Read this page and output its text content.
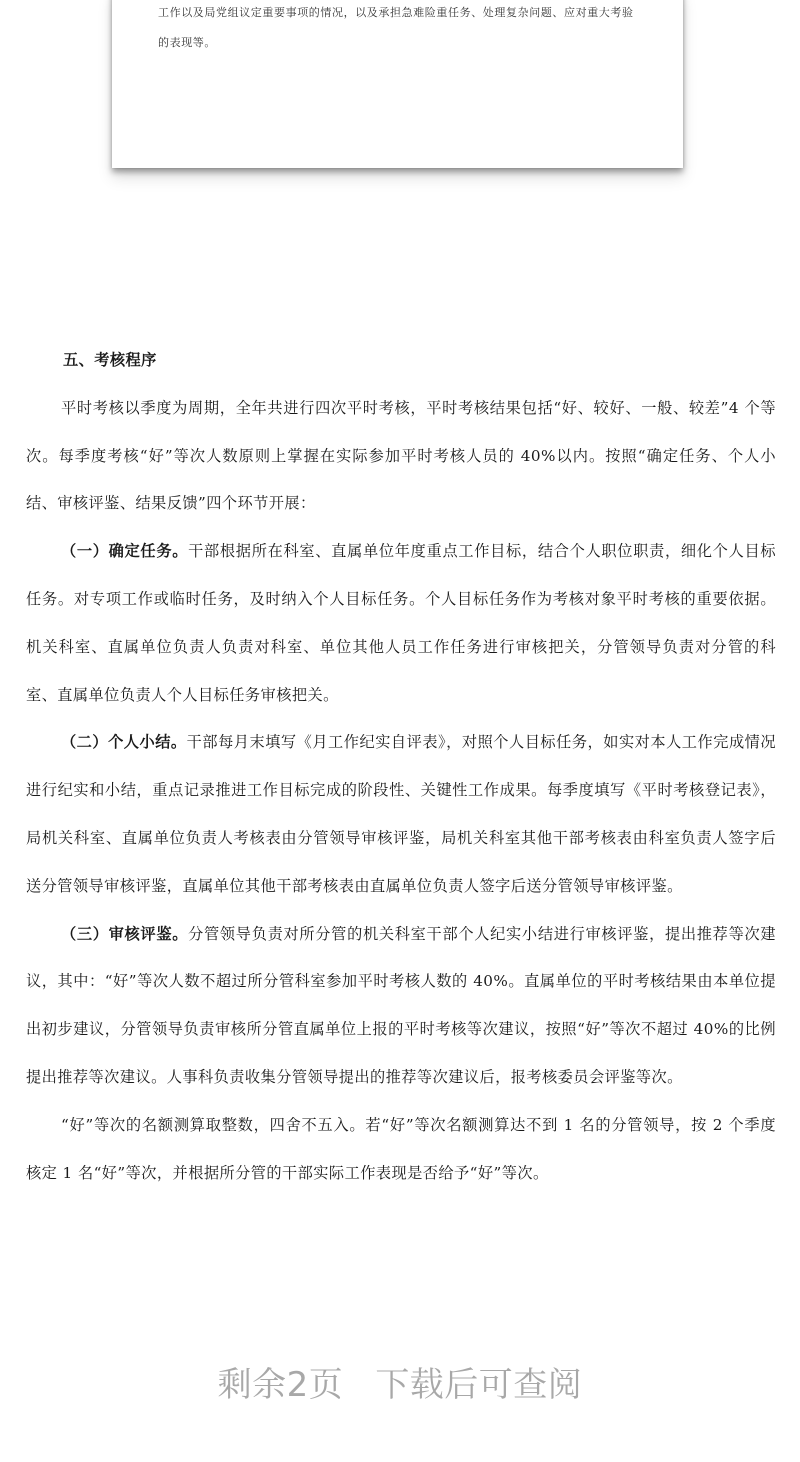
工作以及局党组议定重要事项的情况，以及承担急难险重任务、处理复杂问题、应对重大考验

的表现等。

五、考核程序

平时考核以季度为周期，全年共进行四次平时考核，平时考核结果包括“好、较好、一般、较差”4 个等次。每季度考核“好”等次人数原则上掌握在实际参加平时考核人员的 40%以内。按照“确定任务、个人小结、审核评鉴、结果反馈”四个环节开展：

（一）确定任务。干部根据所在科室、直属单位年度重点工作目标，结合个人职位职责，细化个人目标任务。对专项工作或临时任务，及时纳入个人目标任务。个人目标任务作为考核对象平时考核的重要依据。机关科室、直属单位负责人负责对科室、单位其他人员工作任务进行审核把关，分管领导负责对分管的科室、直属单位负责人个人目标任务审核把关。

（二）个人小结。干部每月末填写《月工作纪实自评表》，对照个人目标任务，如实对本人工作完成情况进行纪实和小结，重点记录推进工作目标完成的阶段性、关键性工作成果。每季度填写《平时考核登记表》，局机关科室、直属单位负责人考核表由分管领导审核评鉴，局机关科室其他干部考核表由科室负责人签字后送分管领导审核评鉴，直属单位其他干部考核表由直属单位负责人签字后送分管领导审核评鉴。

（三）审核评鉴。分管领导负责对所分管的机关科室干部个人纪实小结进行审核评鉴，提出推荐等次建议，其中：“好”等次人数不超过所分管科室参加平时考核人数的 40%。直属单位的平时考核结果由本单位提出初步建议，分管领导负责审核所分管直属单位上报的平时考核等次建议，按照“好”等次不超过 40%的比例提出推荐等次建议。人事科负责收集分管领导提出的推荐等次建议后，报考核委员会评鉴等次。

“好”等次的名额测算取整数，四舍不五入。若“好”等次名额测算达不到 1 名的分管领导，按 2 个季度核定 1 名“好”等次，并根据所分管的干部实际工作表现是否给予“好”等次。

剩余2页 下载后可查阅
